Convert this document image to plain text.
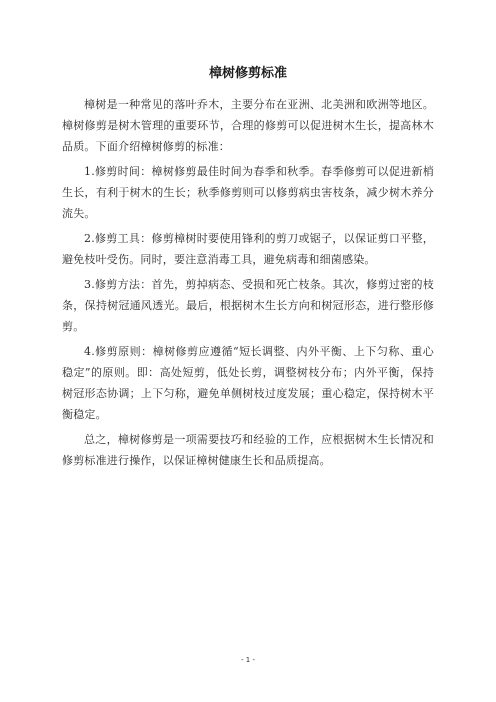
樟树修剪标准

樟树是一种常见的落叶乔木，主要分布在亚洲、北美洲和欧洲等地区。樟树修剪是树木管理的重要环节，合理的修剪可以促进树木生长，提高林木品质。下面介绍樟树修剪的标准：

1.修剪时间：樟树修剪最佳时间为春季和秋季。春季修剪可以促进新梢生长，有利于树木的生长；秋季修剪则可以修剪病虫害枝条，减少树木养分流失。

2.修剪工具：修剪樟树时要使用锋利的剪刀或锯子，以保证剪口平整，避免枝叶受伤。同时，要注意消毒工具，避免病毒和细菌感染。

3.修剪方法：首先，剪掉病态、受损和死亡枝条。其次，修剪过密的枝条，保持树冠通风透光。最后，根据树木生长方向和树冠形态，进行整形修剪。

4.修剪原则：樟树修剪应遵循“短长调整、内外平衡、上下匀称、重心稳定”的原则。即：高处短剪，低处长剪，调整树枝分布；内外平衡，保持树冠形态协调；上下匀称，避免单侧树枝过度发展；重心稳定，保持树木平衡稳定。

总之，樟树修剪是一项需要技巧和经验的工作，应根据树木生长情况和修剪标准进行操作，以保证樟树健康生长和品质提高。

- 1 -
